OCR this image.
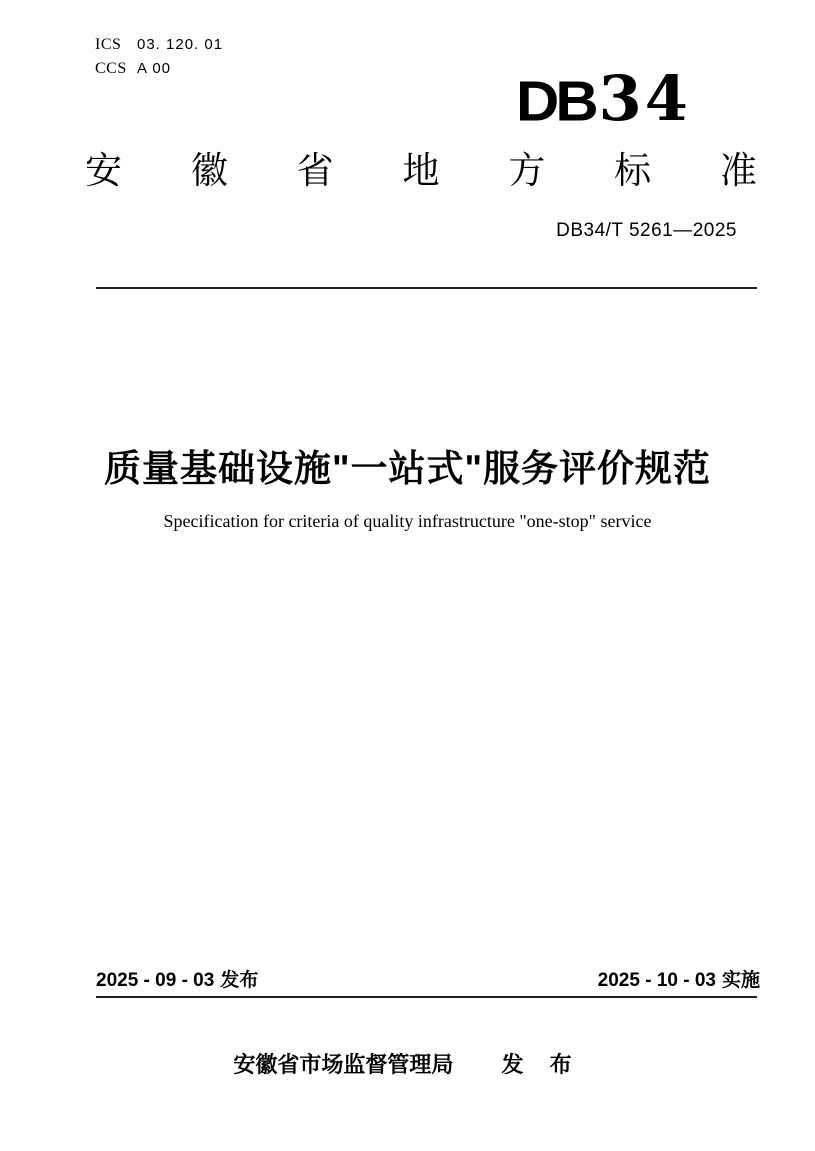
ICS 03. 120. 01
CCS A 00
DB 34
安 徽 省 地 方 标 准
DB34/T 5261—2025
质量基础设施"一站式"服务评价规范
Specification for criteria of quality infrastructure "one-stop" service
2025 - 09 - 03 发布	2025 - 10 - 03 实施
安徽省市场监督管理局 发 布
